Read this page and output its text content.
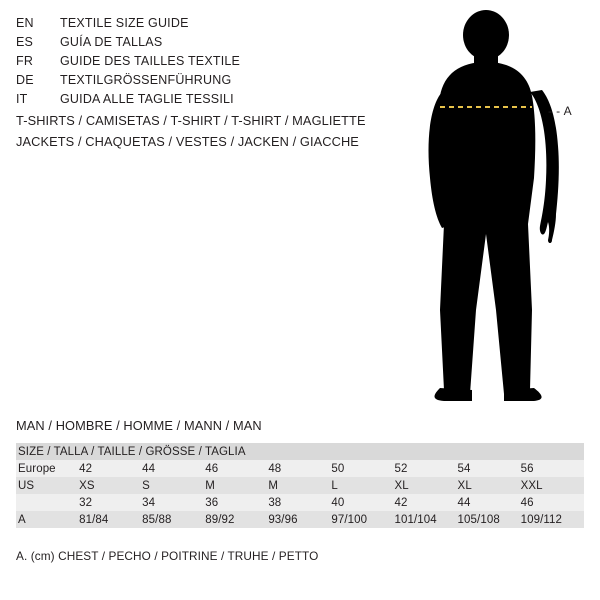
EN	TEXTILE SIZE GUIDE
ES	GUÍA DE TALLAS
FR	GUIDE DES TAILLES TEXTILE
DE	TEXTILGRÖSSENFÜHRUNG
IT	GUIDA ALLE TAGLIE TESSILI
T-SHIRTS / CAMISETAS / T-SHIRT / T-SHIRT / MAGLIETTE
JACKETS / CHAQUETAS / VESTES / JACKEN / GIACCHE
- - A
MAN / HOMBRE / HOMME / MANN / MAN
SIZE / TALLA / TAILLE / GRÖSSE / TAGLIA								
Europe	42	44	46	48	50	52	54	56
US	XS	S	M	M	L	XL	XL	XXL
	32	34	36	38	40	42	44	46
A	81/84	85/88	89/92	93/96	97/100	101/104	105/108	109/112
A. (cm) CHEST / PECHO / POITRINE / TRUHE / PETTO
